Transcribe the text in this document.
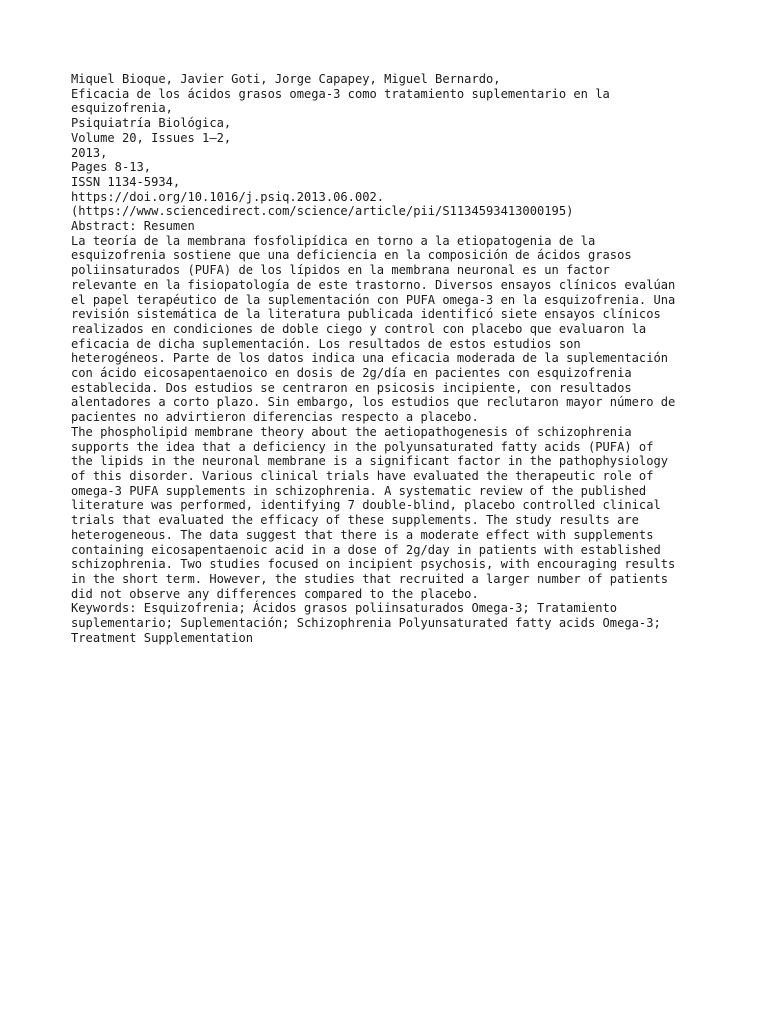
Miquel Bioque, Javier Goti, Jorge Capapey, Miguel Bernardo,
Eficacia de los ácidos grasos omega-3 como tratamiento suplementario en la
esquizofrenia,
Psiquiatría Biológica,
Volume 20, Issues 1–2,
2013,
Pages 8-13,
ISSN 1134-5934,
https://doi.org/10.1016/j.psiq.2013.06.002.
(https://www.sciencedirect.com/science/article/pii/S1134593413000195)
Abstract: Resumen
La teoría de la membrana fosfolipídica en torno a la etiopatogenia de la
esquizofrenia sostiene que una deficiencia en la composición de ácidos grasos
poliinsaturados (PUFA) de los lípidos en la membrana neuronal es un factor
relevante en la fisiopatología de este trastorno. Diversos ensayos clínicos evalúan
el papel terapéutico de la suplementación con PUFA omega-3 en la esquizofrenia. Una
revisión sistemática de la literatura publicada identificó siete ensayos clínicos
realizados en condiciones de doble ciego y control con placebo que evaluaron la
eficacia de dicha suplementación. Los resultados de estos estudios son
heterogéneos. Parte de los datos indica una eficacia moderada de la suplementación
con ácido eicosapentaenoico en dosis de 2g/día en pacientes con esquizofrenia
establecida. Dos estudios se centraron en psicosis incipiente, con resultados
alentadores a corto plazo. Sin embargo, los estudios que reclutaron mayor número de
pacientes no advirtieron diferencias respecto a placebo.
The phospholipid membrane theory about the aetiopathogenesis of schizophrenia
supports the idea that a deficiency in the polyunsaturated fatty acids (PUFA) of
the lipids in the neuronal membrane is a significant factor in the pathophysiology
of this disorder. Various clinical trials have evaluated the therapeutic role of
omega-3 PUFA supplements in schizophrenia. A systematic review of the published
literature was performed, identifying 7 double-blind, placebo controlled clinical
trials that evaluated the efficacy of these supplements. The study results are
heterogeneous. The data suggest that there is a moderate effect with supplements
containing eicosapentaenoic acid in a dose of 2g/day in patients with established
schizophrenia. Two studies focused on incipient psychosis, with encouraging results
in the short term. However, the studies that recruited a larger number of patients
did not observe any differences compared to the placebo.
Keywords: Esquizofrenia; Ácidos grasos poliinsaturados Omega-3; Tratamiento
suplementario; Suplementación; Schizophrenia Polyunsaturated fatty acids Omega-3;
Treatment Supplementation
